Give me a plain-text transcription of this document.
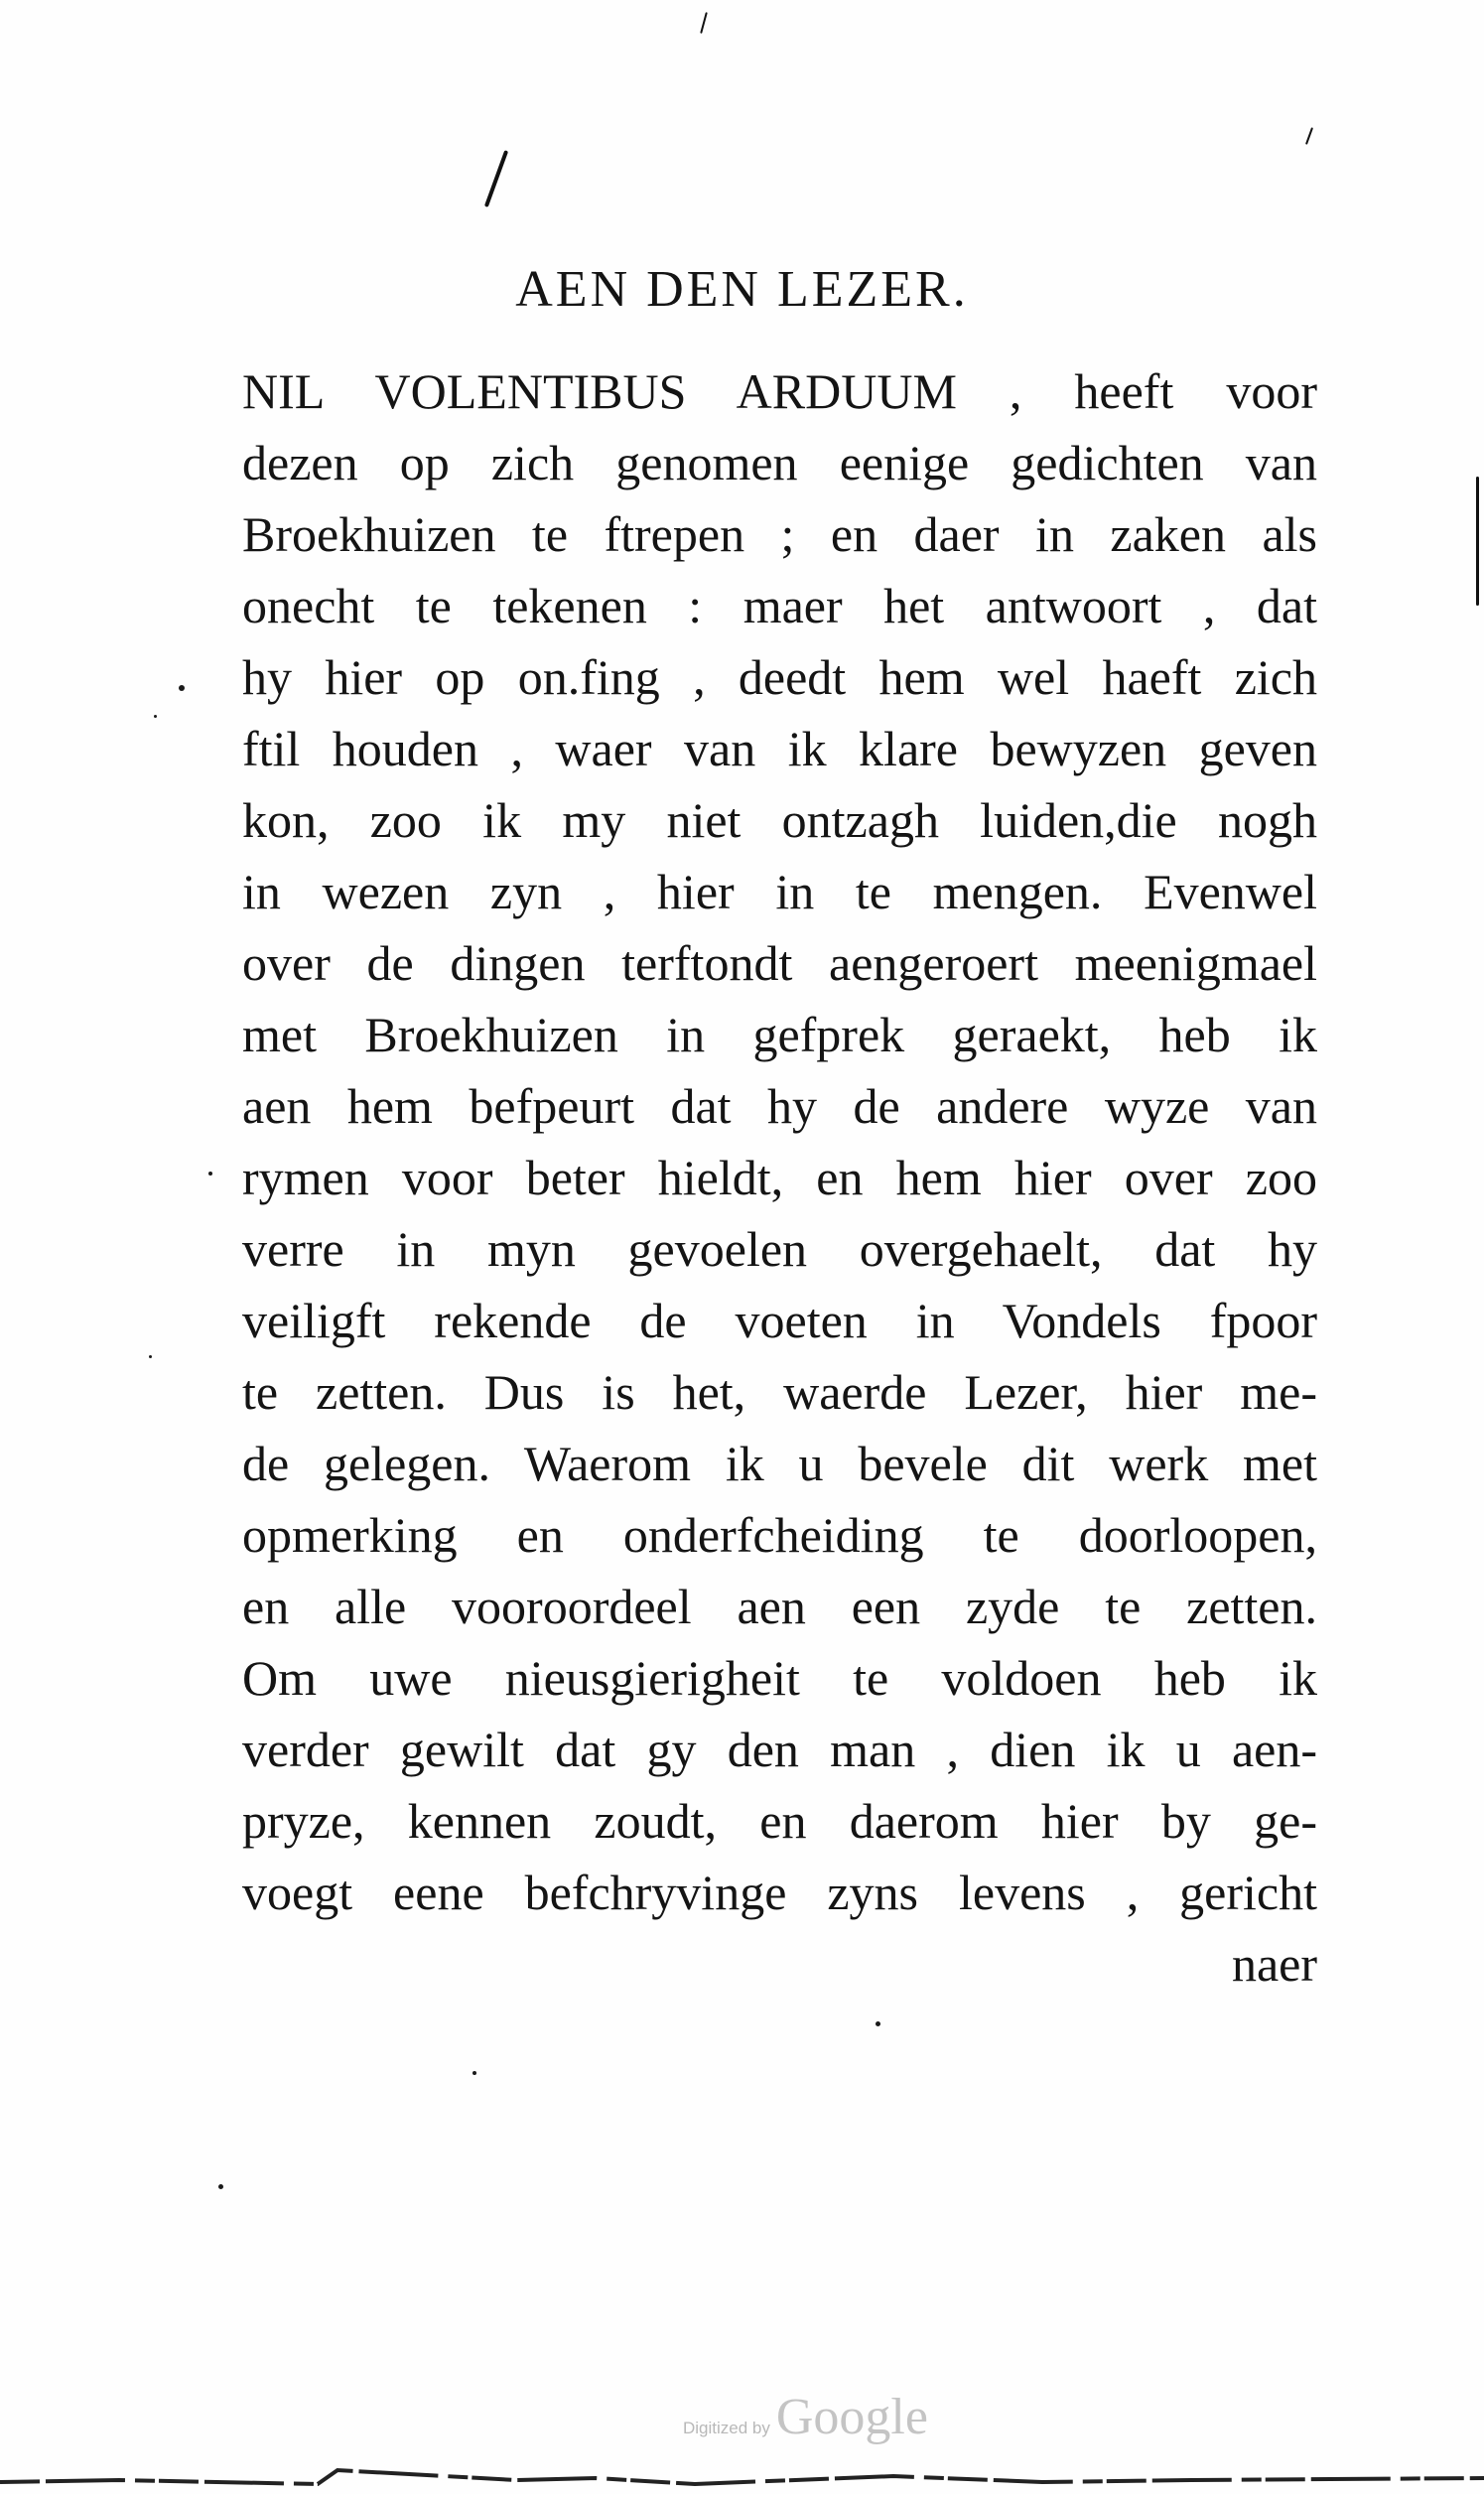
AEN DEN LEZER.
NIL VOLENTIBUS ARDUUM , heeft voor
dezen op zich genomen eenige gedichten van
Broekhuizen te ftrepen ; en daer in zaken als
onecht te tekenen : maer het antwoort , dat
hy hier op on.fing , deedt hem wel haeft zich
ftil houden , waer van ik klare bewyzen geven
kon, zoo ik my niet ontzagh luiden,die nogh
in wezen zyn , hier in te mengen. Evenwel
over de dingen terftondt aengeroert meenigmael
met Broekhuizen in gefprek geraekt, heb ik
aen hem befpeurt dat hy de andere wyze van
rymen voor beter hieldt, en hem hier over zoo
verre in myn gevoelen overgehaelt, dat hy
veiligft rekende de voeten in Vondels fpoor
te zetten. Dus is het, waerde Lezer, hier me-
de gelegen. Waerom ik u bevele dit werk met
opmerking en onderfcheiding te doorloopen,
en alle vooroordeel aen een zyde te zetten.
Om uwe nieusgierigheit te voldoen heb ik
verder gewilt dat gy den man , dien ik u aen-
pryze, kennen zoudt, en daerom hier by ge-
voegt eene befchryvinge zyns levens , gericht
naer
Digitized by Google
